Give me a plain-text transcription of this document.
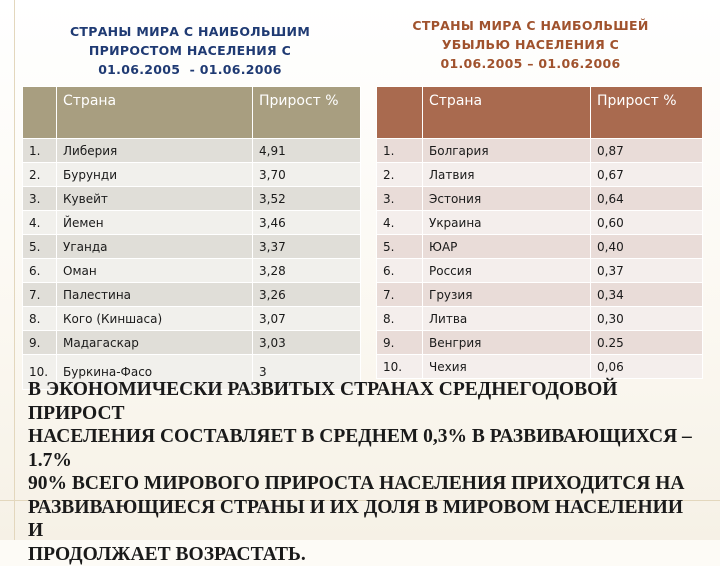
СТРАНЫ МИРА С НАИБОЛЬШИМ
ПРИРОСТОМ НАСЕЛЕНИЯ С
01.06.2005  - 01.06.2006
СТРАНЫ МИРА С НАИБОЛЬШЕЙ
УБЫЛЬЮ НАСЕЛЕНИЯ С
01.06.2005 – 01.06.2006
	Страна	Прирост %
1.	Либерия	4,91
2.	Бурунди	3,70
3.	Кувейт	3,52
4.	Йемен	3,46
5.	Уганда	3,37
6.	Оман	3,28
7.	Палестина	3,26
8.	Кого (Киншаса)	3,07
9.	Мадагаскар	3,03
10.	Буркина-Фасо	3
	Страна	Прирост %
1.	Болгария	0,87
2.	Латвия	0,67
3.	Эстония	0,64
4.	Украина	0,60
5.	ЮАР	0,40
6.	Россия	0,37
7.	Грузия	0,34
8.	Литва	0,30
9.	Венгрия	0.25
10.	Чехия	0,06
В ЭКОНОМИЧЕСКИ РАЗВИТЫХ СТРАНАХ СРЕДНЕГОДОВОЙ ПРИРОСТ
НАСЕЛЕНИЯ СОСТАВЛЯЕТ В СРЕДНЕМ 0,3% В РАЗВИВАЮЩИХСЯ – 1.7%
90% ВСЕГО МИРОВОГО ПРИРОСТА НАСЕЛЕНИЯ ПРИХОДИТСЯ НА
РАЗВИВАЮЩИЕСЯ СТРАНЫ И ИХ ДОЛЯ В МИРОВОМ НАСЕЛЕНИИ И
ПРОДОЛЖАЕТ ВОЗРАСТАТЬ.
